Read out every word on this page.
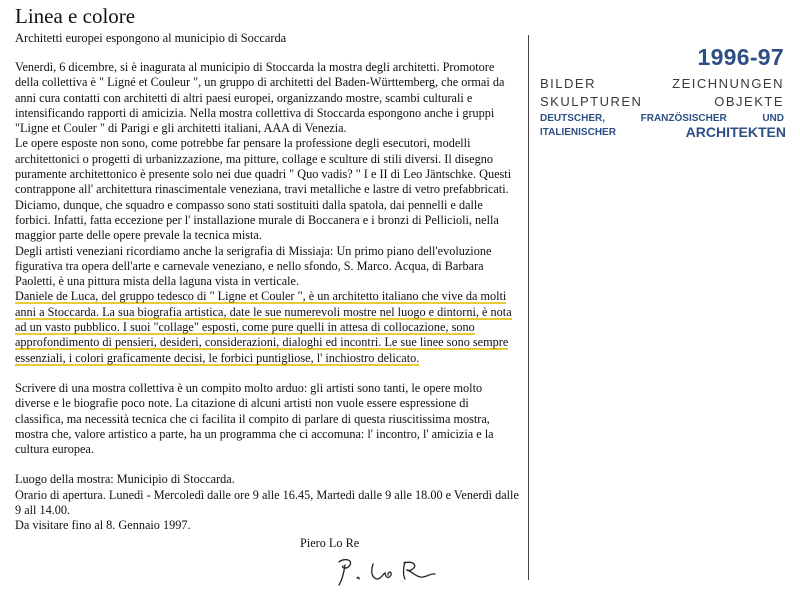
Linea e colore
Architetti europei espongono al municipio di Soccarda

Venerdì, 6 dicembre, si è inagurata al municipio di Stoccarda la mostra degli architetti. Promotore della collettiva è " Ligné et Couleur ", un gruppo di architetti del Baden-Württemberg, che ormai da anni cura contatti con architetti di altri paesi europei, organizzando mostre, scambi culturali e intensificando rapporti di amicizia. Nella mostra collettiva di Stoccarda espongono anche i gruppi "Ligne et Couler " di Parigi e gli architetti italiani, AAA di Venezia.

Le opere esposte non sono, come potrebbe far pensare la professione degli esecutori, modelli architettonici o progetti di urbanizzazione, ma pitture, collage e sculture di stili diversi. Il disegno puramente architettonico è presente solo nei due quadri " Quo vadis? " I e II di Leo Jäntschke. Questi contrappone all' architettura rinascimentale veneziana, travi metalliche e lastre di vetro prefabbricati. Diciamo, dunque, che squadro e compasso sono stati sostituiti dalla spatola, dai pennelli e dalle forbici. Infatti, fatta eccezione per l' installazione murale di Boccanera e i bronzi di Pellicioli, nella maggior parte delle opere prevale la tecnica mista.

Degli artisti veneziani ricordiamo anche la serigrafia di Missiaja: Un primo piano dell'evoluzione figurativa tra opera dell'arte e carnevale veneziano, e nello sfondo, S. Marco. Acqua, di Barbara Paoletti, è una pittura mista della laguna vista in verticale.

Daniele de Luca, del gruppo tedesco di " Ligne et Couler ", è un architetto italiano che vive da molti anni a Stoccarda. La sua biografia artistica, date le sue numerevoli mostre nel luogo e dintorni, è nota ad un vasto pubblico. I suoi "collage" esposti, come pure quelli in attesa di collocazione, sono approfondimento di pensieri, desideri, considerazioni, dialoghi ed incontri. Le sue linee sono sempre essenziali, i colori graficamente decisi, le forbici puntigliose, l' inchiostro delicato.

Scrivere di una mostra collettiva è un compito molto arduo: gli artisti sono tanti, le opere molto diverse e le biografie poco note. La citazione di alcuni artisti non vuole essere espressione di classifica, ma necessità tecnica che ci facilita il compito di parlare di questa riuscitissima mostra, mostra che, valore artistico a parte, ha un programma che ci accomuna: l' incontro, l' amicizia e la cultura europea.

Luogo della mostra: Municipio di Stoccarda.

Orario di apertura. Lunedì - Mercoledì dalle ore 9 alle 16.45, Martedì dalle 9 alle 18.00 e Venerdì dalle 9 all 14.00.

Da visitare fino al 8. Gennaio 1997.

Piero Lo Re
1996-97
BILDER ZEICHNUNGEN
SKULPTUREN OBJEKTE
DEUTSCHER, FRANZÖSISCHER UND
ITALIENISCHER	ARCHITEKTEN
